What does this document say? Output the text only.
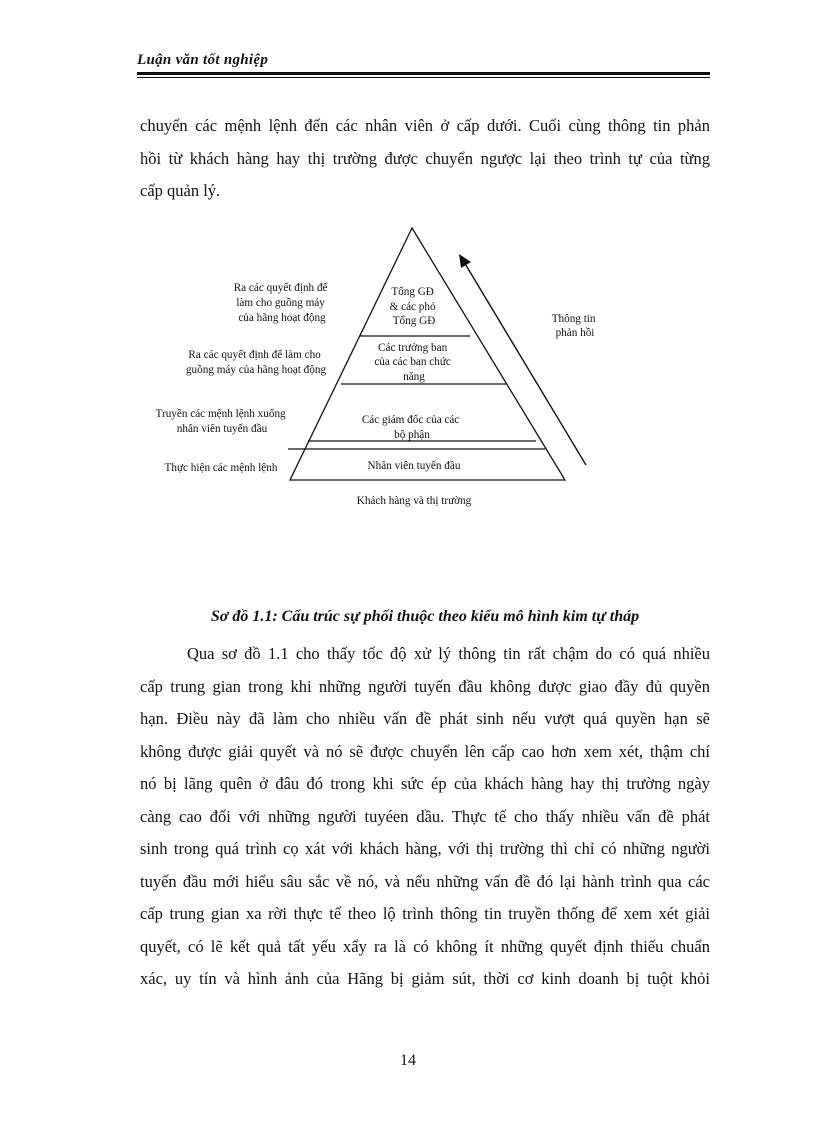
Luận văn tốt nghiệp
chuyển các mệnh lệnh đến các nhân viên ở cấp dưới. Cuối cùng thông tin phản
hồi từ khách hàng hay thị trường được chuyển ngược lại theo trình tự của từng
cấp quản lý.
Tổng GĐ & các phó Tổng GĐ
Các trưởng ban của các ban chức năng
Các giám đốc của các bộ phận
Nhân viên tuyến đầu
Ra các quyết định để làm cho guồng máy của hãng hoạt động
Ra các quyết định để làm cho guồng máy của hãng hoạt động
Truyền các mệnh lệnh xuống nhân viên tuyến đầu
Thực hiện các mệnh lệnh
Thông tin phản hồi
Khách hàng và thị trường
Sơ đồ 1.1: Cấu trúc sự phối thuộc theo kiểu mô hình kim tự tháp
Qua sơ đồ 1.1 cho thấy tốc độ xử lý thông tin rất chậm do có quá nhiều
cấp trung gian trong khi những người tuyến đầu không được giao đầy đủ quyền
hạn. Điều này đã làm cho nhiều vấn đề phát sinh nếu vượt quá quyền hạn sẽ
không được giải quyết và nó sẽ được chuyển lên cấp cao hơn xem xét, thậm chí
nó bị lãng quên ở đâu đó trong khi sức ép của khách hàng hay thị trường ngày
càng cao đối với những người tuyéen dầu. Thực tế cho thấy nhiều vấn đề phát
sinh trong quá trình cọ xát với khách hàng, với thị trường thì chỉ có những người
tuyến đầu mới hiểu sâu sắc về nó, và nếu những vấn đề đó lại hành trình qua các
cấp trung gian xa rời thực tế theo lộ trình thông tin truyền thống để xem xét giải
quyết, có lẽ kết quả tất yếu xẩy ra là có không ít những quyết định thiếu chuẩn
xác, uy tín và hình ảnh của Hãng bị giảm sút, thời cơ kinh doanh bị tuột khỏi
14
